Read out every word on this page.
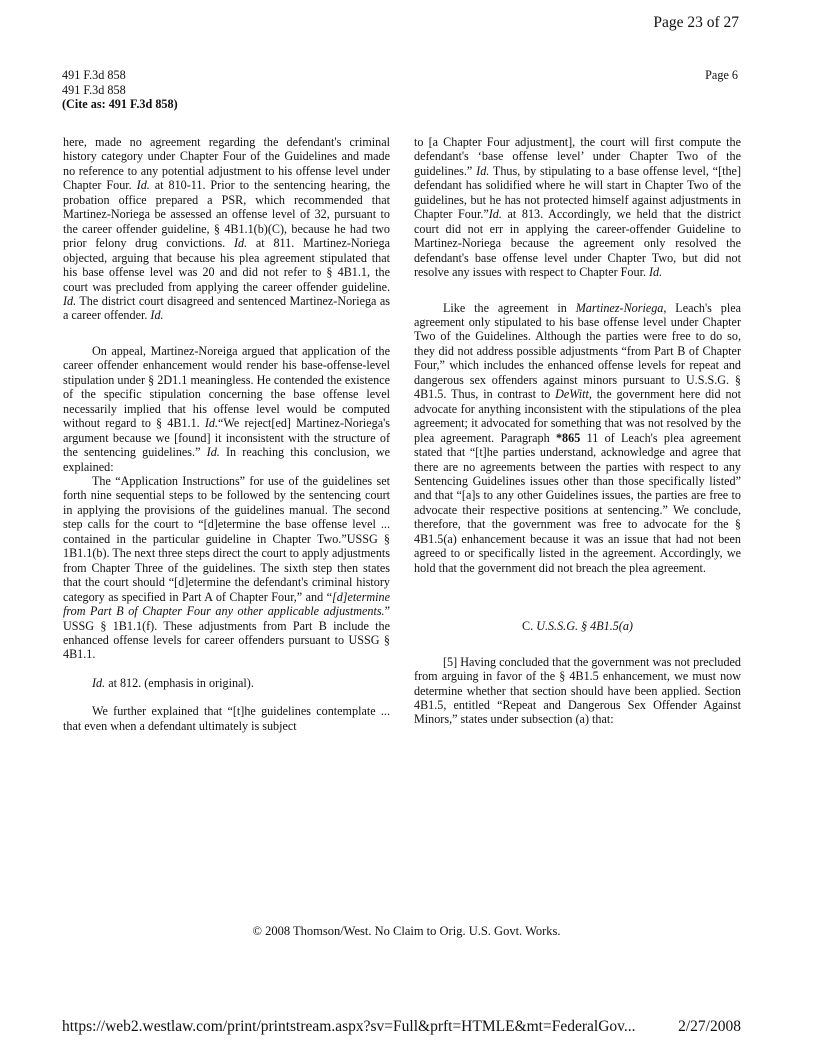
Page 23 of 27
491 F.3d 858
491 F.3d 858
(Cite as: 491 F.3d 858)
Page 6

here, made no agreement regarding the defendant's criminal history category under Chapter Four of the Guidelines and made no reference to any potential adjustment to his offense level under Chapter Four. Id. at 810-11. Prior to the sentencing hearing, the probation office prepared a PSR, which recommended that Martinez-Noriega be assessed an offense level of 32, pursuant to the career offender guideline, § 4B1.1(b)(C), because he had two prior felony drug convictions. Id. at 811. Martinez-Noriega objected, arguing that because his plea agreement stipulated that his base offense level was 20 and did not refer to § 4B1.1, the court was precluded from applying the career offender guideline. Id. The district court disagreed and sentenced Martinez-Noriega as a career offender. Id.

On appeal, Martinez-Noreiga argued that application of the career offender enhancement would render his base-offense-level stipulation under § 2D1.1 meaningless. He contended the existence of the specific stipulation concerning the base offense level necessarily implied that his offense level would be computed without regard to § 4B1.1. Id.“We reject[ed] Martinez-Noriega's argument because we [found] it inconsistent with the structure of the sentencing guidelines.” Id. In reaching this conclusion, we explained:

The “Application Instructions” for use of the guidelines set forth nine sequential steps to be followed by the sentencing court in applying the provisions of the guidelines manual. The second step calls for the court to “[d]etermine the base offense level ... contained in the particular guideline in Chapter Two.”USSG § 1B1.1(b). The next three steps direct the court to apply adjustments from Chapter Three of the guidelines. The sixth step then states that the court should “[d]etermine the defendant's criminal history category as specified in Part A of Chapter Four,” and “[d]etermine from Part B of Chapter Four any other applicable adjustments.” USSG § 1B1.1(f). These adjustments from Part B include the enhanced offense levels for career offenders pursuant to USSG § 4B1.1.

Id. at 812. (emphasis in original).

We further explained that “[t]he guidelines contemplate ... that even when a defendant ultimately is subject

to [a Chapter Four adjustment], the court will first compute the defendant's ‘base offense level’ under Chapter Two of the guidelines.” Id. Thus, by stipulating to a base offense level, “[the] defendant has solidified where he will start in Chapter Two of the guidelines, but he has not protected himself against adjustments in Chapter Four.”Id. at 813. Accordingly, we held that the district court did not err in applying the career-offender Guideline to Martinez-Noriega because the agreement only resolved the defendant's base offense level under Chapter Two, but did not resolve any issues with respect to Chapter Four. Id.

Like the agreement in Martinez-Noriega, Leach's plea agreement only stipulated to his base offense level under Chapter Two of the Guidelines. Although the parties were free to do so, they did not address possible adjustments “from Part B of Chapter Four,” which includes the enhanced offense levels for repeat and dangerous sex offenders against minors pursuant to U.S.S.G. § 4B1.5. Thus, in contrast to DeWitt, the government here did not advocate for anything inconsistent with the stipulations of the plea agreement; it advocated for something that was not resolved by the plea agreement. Paragraph *865 11 of Leach's plea agreement stated that “[t]he parties understand, acknowledge and agree that there are no agreements between the parties with respect to any Sentencing Guidelines issues other than those specifically listed” and that “[a]s to any other Guidelines issues, the parties are free to advocate their respective positions at sentencing.” We conclude, therefore, that the government was free to advocate for the § 4B1.5(a) enhancement because it was an issue that had not been agreed to or specifically listed in the agreement. Accordingly, we hold that the government did not breach the plea agreement.

C. U.S.S.G. § 4B1.5(a)

[5] Having concluded that the government was not precluded from arguing in favor of the § 4B1.5 enhancement, we must now determine whether that section should have been applied. Section 4B1.5, entitled “Repeat and Dangerous Sex Offender Against Minors,” states under subsection (a) that:

© 2008 Thomson/West. No Claim to Orig. U.S. Govt. Works.
https://web2.westlaw.com/print/printstream.aspx?sv=Full&prft=HTMLE&mt=FederalGov...	2/27/2008
